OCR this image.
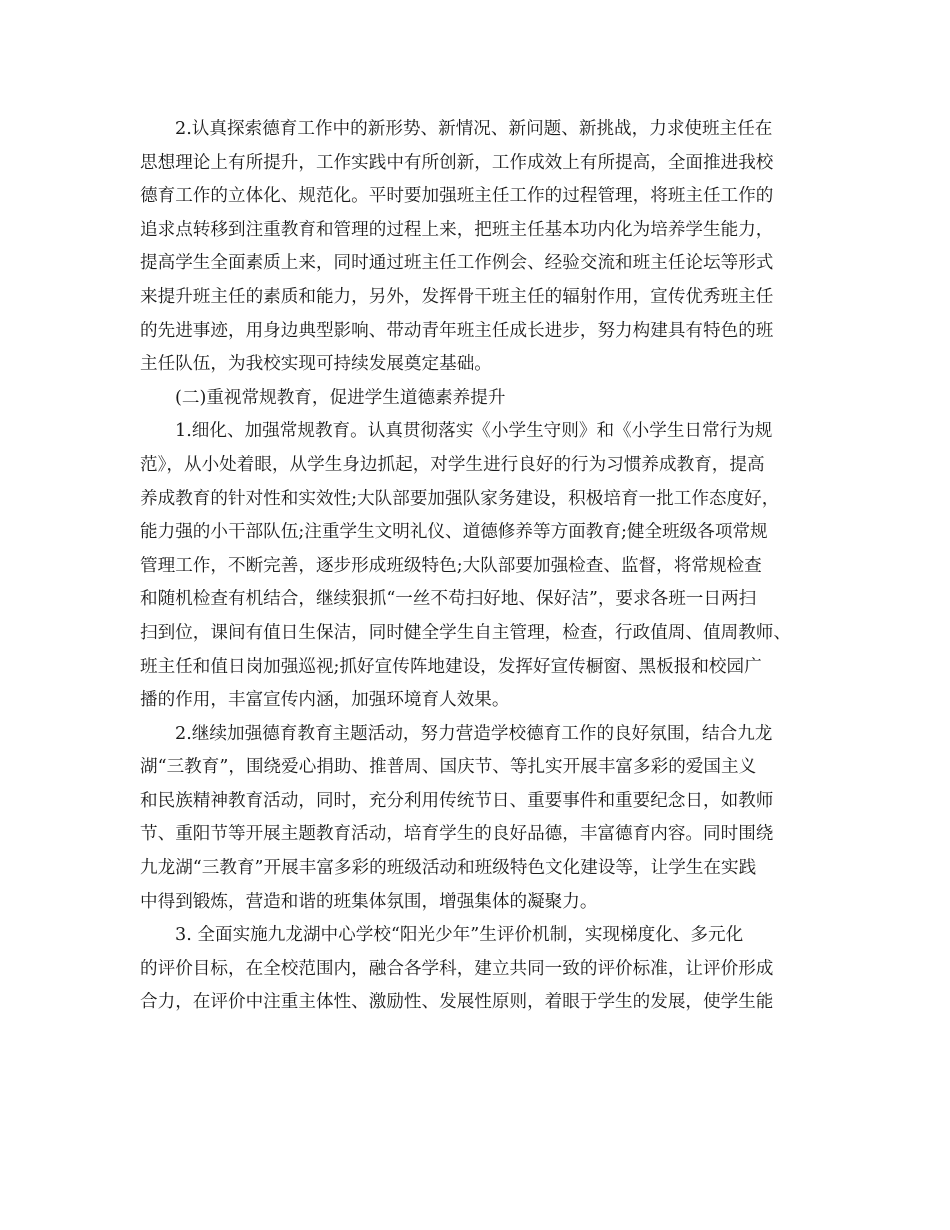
2.认真探索德育工作中的新形势、新情况、新问题、新挑战，力求使班主任在
思想理论上有所提升，工作实践中有所创新，工作成效上有所提高，全面推进我校
德育工作的立体化、规范化。平时要加强班主任工作的过程管理，将班主任工作的
追求点转移到注重教育和管理的过程上来，把班主任基本功内化为培养学生能力，
提高学生全面素质上来，同时通过班主任工作例会、经验交流和班主任论坛等形式
来提升班主任的素质和能力，另外，发挥骨干班主任的辐射作用，宣传优秀班主任
的先进事迹，用身边典型影响、带动青年班主任成长进步，努力构建具有特色的班
主任队伍，为我校实现可持续发展奠定基础。
(二)重视常规教育，促进学生道德素养提升
1.细化、加强常规教育。认真贯彻落实《小学生守则》和《小学生日常行为规
范》，从小处着眼，从学生身边抓起，对学生进行良好的行为习惯养成教育，提高
养成教育的针对性和实效性;大队部要加强队家务建设，积极培育一批工作态度好，
能力强的小干部队伍;注重学生文明礼仪、道德修养等方面教育;健全班级各项常规
管理工作，不断完善，逐步形成班级特色;大队部要加强检查、监督，将常规检查
和随机检查有机结合，继续狠抓“一丝不苟扫好地、保好洁”，要求各班一日两扫
扫到位，课间有值日生保洁，同时健全学生自主管理，检查，行政值周、值周教师、
班主任和值日岗加强巡视;抓好宣传阵地建设，发挥好宣传橱窗、黑板报和校园广
播的作用，丰富宣传内涵，加强环境育人效果。
2.继续加强德育教育主题活动，努力营造学校德育工作的良好氛围，结合九龙
湖“三教育”，围绕爱心捐助、推普周、国庆节、等扎实开展丰富多彩的爱国主义
和民族精神教育活动，同时，充分利用传统节日、重要事件和重要纪念日，如教师
节、重阳节等开展主题教育活动，培育学生的良好品德，丰富德育内容。同时围绕
九龙湖“三教育”开展丰富多彩的班级活动和班级特色文化建设等，让学生在实践
中得到锻炼，营造和谐的班集体氛围，增强集体的凝聚力。
3. 全面实施九龙湖中心学校“阳光少年”生评价机制，实现梯度化、多元化
的评价目标，在全校范围内，融合各学科，建立共同一致的评价标准，让评价形成
合力，在评价中注重主体性、激励性、发展性原则，着眼于学生的发展，使学生能
